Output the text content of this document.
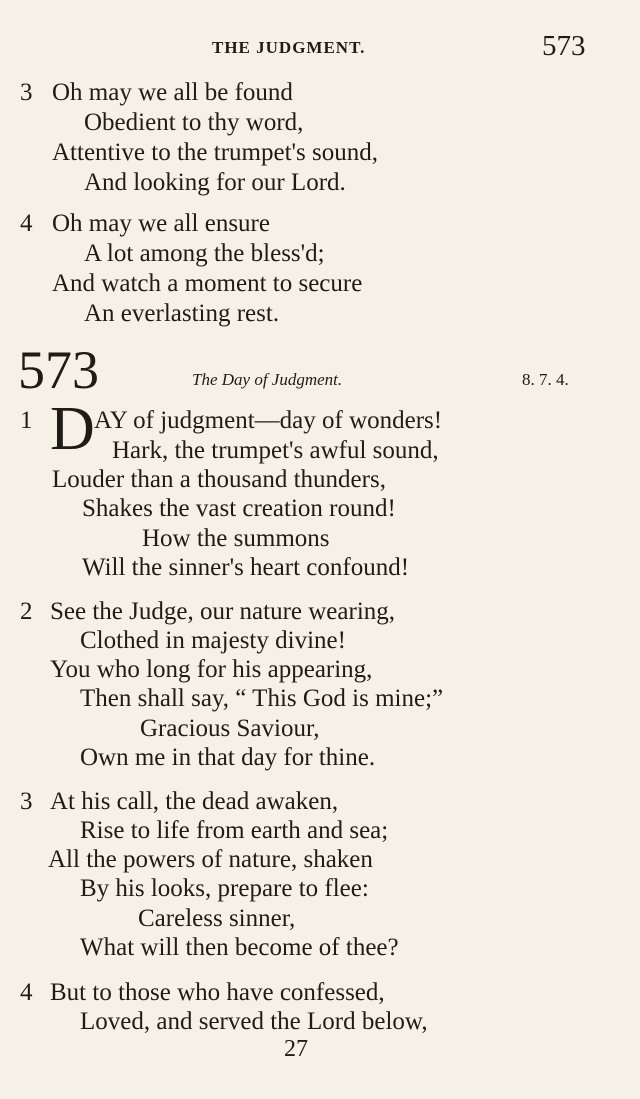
THE JUDGMENT.	573
3 Oh may we all be found
Obedient to thy word,
Attentive to the trumpet's sound,
And looking for our Lord.
4 Oh may we all ensure
A lot among the bless'd;
And watch a moment to secure
An everlasting rest.
573	The Day of Judgment.	8. 7. 4.
1 D AY of judgment—day of wonders!
Hark, the trumpet's awful sound,
Louder than a thousand thunders,
Shakes the vast creation round!
How the summons
Will the sinner's heart confound!
2 See the Judge, our nature wearing,
Clothed in majesty divine!
You who long for his appearing,
Then shall say, “ This God is mine;”
Gracious Saviour,
Own me in that day for thine.
3 At his call, the dead awaken,
Rise to life from earth and sea;
All the powers of nature, shaken
By his looks, prepare to flee:
Careless sinner,
What will then become of thee?
4 But to those who have confessed,
Loved, and served the Lord below,
27
